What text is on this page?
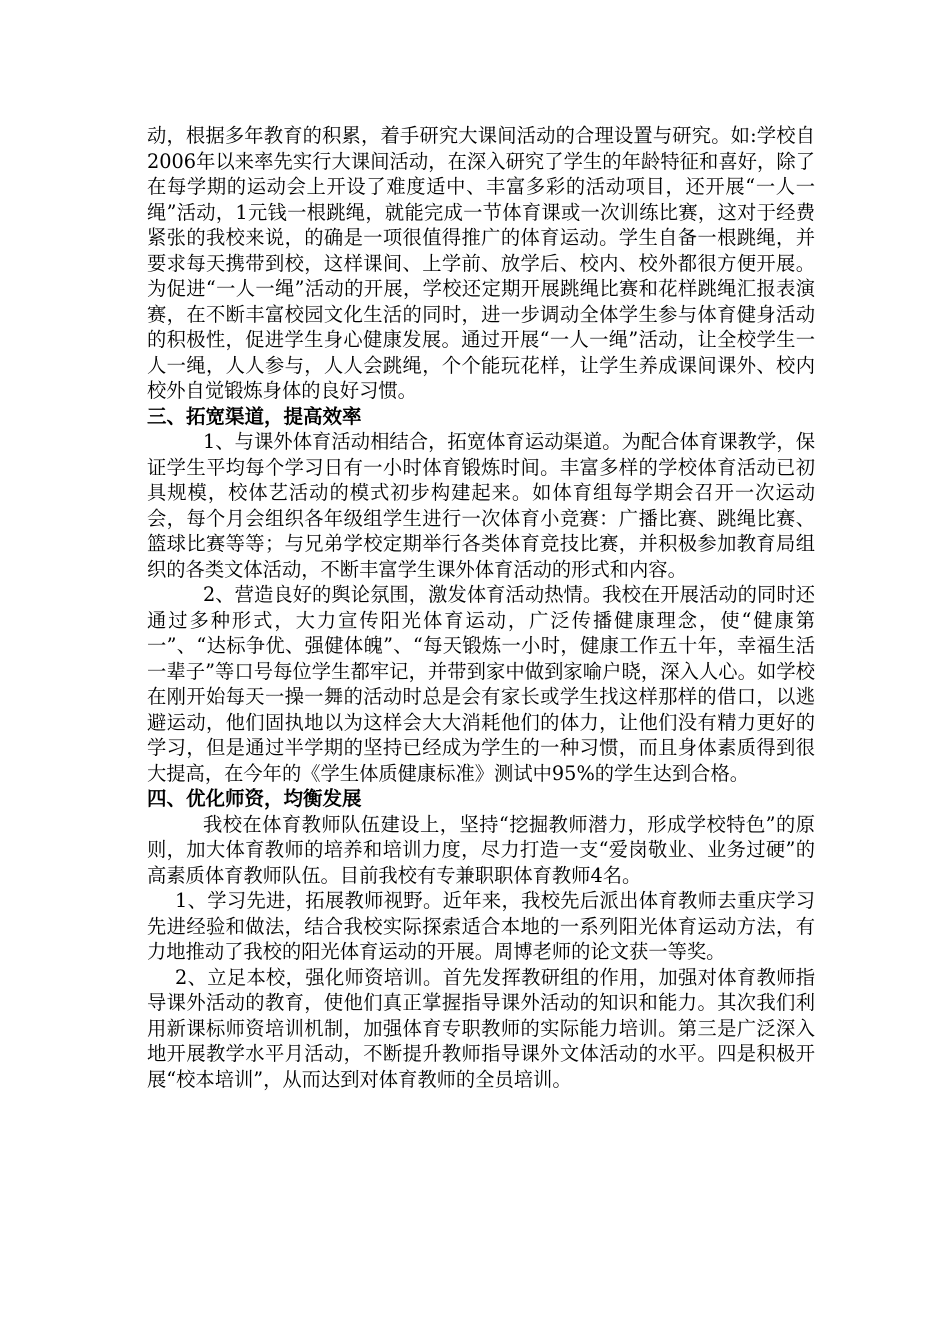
动，根据多年教育的积累，着手研究大课间活动的合理设置与研究。如:学校自2006年以来率先实行大课间活动，在深入研究了学生的年龄特征和喜好，除了在每学期的运动会上开设了难度适中、丰富多彩的活动项目，还开展“一人一绳”活动，1元钱一根跳绳，就能完成一节体育课或一次训练比赛，这对于经费紧张的我校来说，的确是一项很值得推广的体育运动。学生自备一根跳绳，并要求每天携带到校，这样课间、上学前、放学后、校内、校外都很方便开展。为促进“一人一绳”活动的开展，学校还定期开展跳绳比赛和花样跳绳汇报表演赛，在不断丰富校园文化生活的同时，进一步调动全体学生参与体育健身活动的积极性，促进学生身心健康发展。通过开展“一人一绳”活动，让全校学生一人一绳，人人参与，人人会跳绳，个个能玩花样，让学生养成课间课外、校内校外自觉锻炼身体的良好习惯。

三、拓宽渠道，提高效率

1、与课外体育活动相结合，拓宽体育运动渠道。为配合体育课教学，保证学生平均每个学习日有一小时体育锻炼时间。丰富多样的学校体育活动已初具规模，校体艺活动的模式初步构建起来。如体育组每学期会召开一次运动会，每个月会组织各年级组学生进行一次体育小竞赛：广播比赛、跳绳比赛、篮球比赛等等；与兄弟学校定期举行各类体育竞技比赛，并积极参加教育局组织的各类文体活动，不断丰富学生课外体育活动的形式和内容。

2、营造良好的舆论氛围，激发体育活动热情。我校在开展活动的同时还通过多种形式，大力宣传阳光体育运动，广泛传播健康理念，使“健康第一”、“达标争优、强健体魄”、“每天锻炼一小时，健康工作五十年，幸福生活一辈子”等口号每位学生都牢记，并带到家中做到家喻户晓，深入人心。如学校在刚开始每天一操一舞的活动时总是会有家长或学生找这样那样的借口，以逃避运动，他们固执地以为这样会大大消耗他们的体力，让他们没有精力更好的学习，但是通过半学期的坚持已经成为学生的一种习惯，而且身体素质得到很大提高，在今年的《学生体质健康标准》测试中95%的学生达到合格。

四、优化师资，均衡发展

我校在体育教师队伍建设上，坚持“挖掘教师潜力，形成学校特色”的原则，加大体育教师的培养和培训力度，尽力打造一支“爱岗敬业、业务过硬”的高素质体育教师队伍。目前我校有专兼职职体育教师4名。

1、学习先进，拓展教师视野。近年来，我校先后派出体育教师去重庆学习先进经验和做法，结合我校实际探索适合本地的一系列阳光体育运动方法，有力地推动了我校的阳光体育运动的开展。周博老师的论文获一等奖。

2、立足本校，强化师资培训。首先发挥教研组的作用，加强对体育教师指导课外活动的教育，使他们真正掌握指导课外活动的知识和能力。其次我们利用新课标师资培训机制，加强体育专职教师的实际能力培训。第三是广泛深入地开展教学水平月活动，不断提升教师指导课外文体活动的水平。四是积极开展“校本培训”，从而达到对体育教师的全员培训。
